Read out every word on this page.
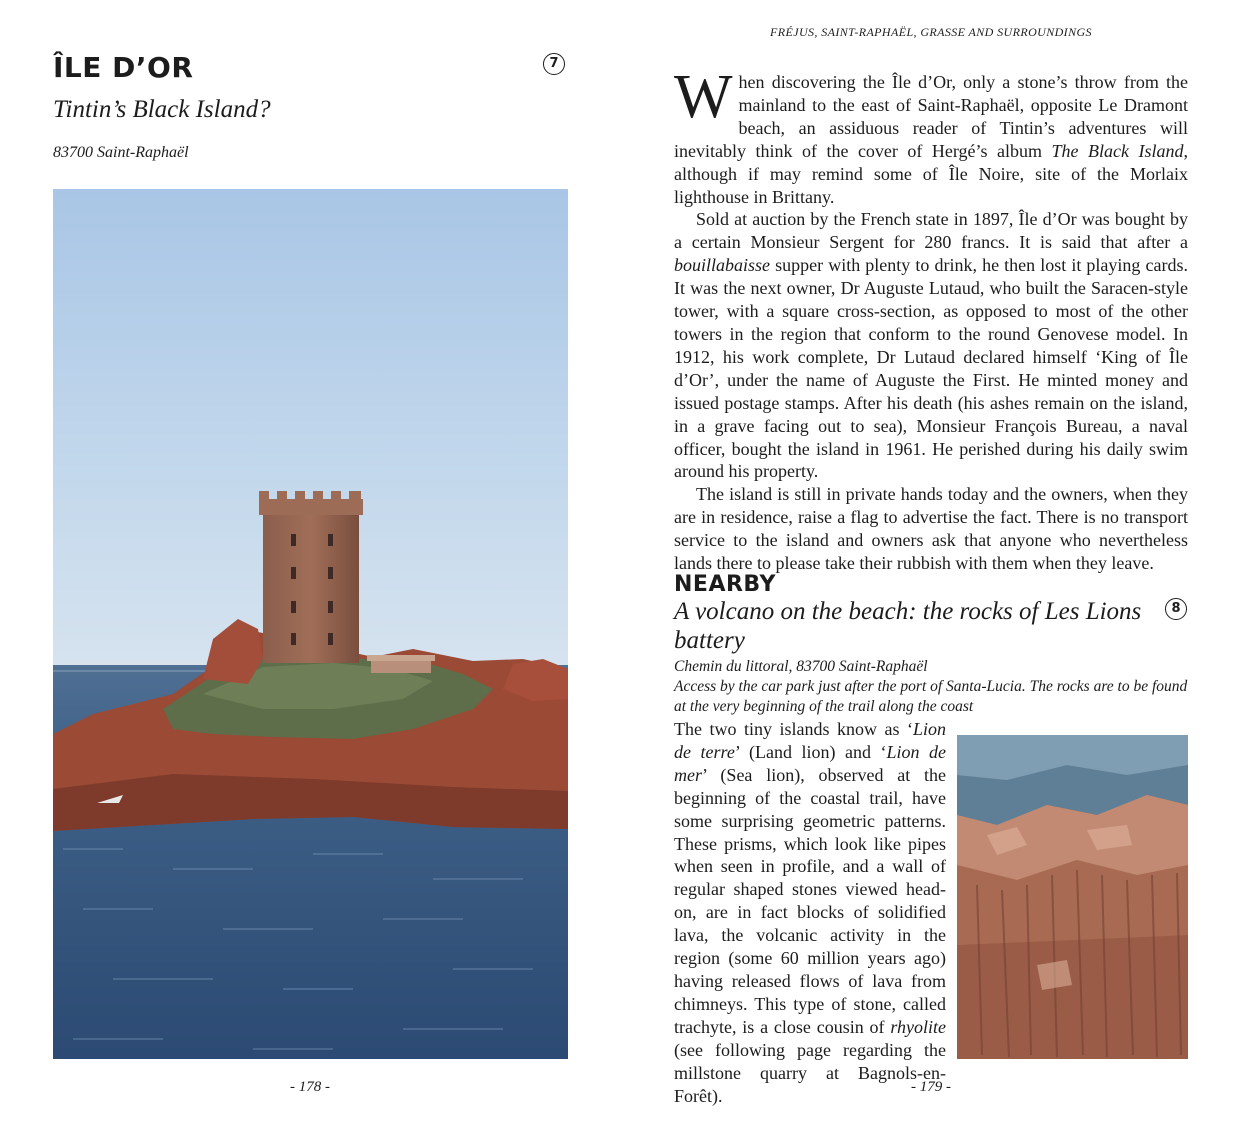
ÎLE D’OR	7
Tintin’s Black Island?
83700 Saint-Raphaël
- 178 -
FRÉJUS, SAINT-RAPHAËL, GRASSE AND SURROUNDINGS

When discovering the Île d’Or, only a stone’s throw from the mainland to the east of Saint-Raphaël, opposite Le Dramont beach, an assiduous reader of Tintin’s adventures will inevitably think of the cover of Hergé’s album The Black Island, although if may remind some of Île Noire, site of the Morlaix lighthouse in Brittany.

Sold at auction by the French state in 1897, Île d’Or was bought by a certain Monsieur Sergent for 280 francs. It is said that after a bouillabaisse supper with plenty to drink, he then lost it playing cards. It was the next owner, Dr Auguste Lutaud, who built the Saracen-style tower, with a square cross-section, as opposed to most of the other towers in the region that conform to the round Genovese model. In 1912, his work complete, Dr Lutaud declared himself ‘King of Île d’Or’, under the name of Auguste the First. He minted money and issued postage stamps. After his death (his ashes remain on the island, in a grave facing out to sea), Monsieur François Bureau, a naval officer, bought the island in 1961. He perished during his daily swim around his property.

The island is still in private hands today and the owners, when they are in residence, raise a flag to advertise the fact. There is no transport service to the island and owners ask that anyone who nevertheless lands there to please take their rubbish with them when they leave.

NEARBY
A volcano on the beach: the rocks of Les Lions battery
8
Chemin du littoral, 83700 Saint-Raphaël
Access by the car park just after the port of Santa-Lucia. The rocks are to be found at the very beginning of the trail along the coast

The two tiny islands know as ‘Lion de terre’ (Land lion) and ‘Lion de mer’ (Sea lion), observed at the beginning of the coastal trail, have some surprising geometric patterns. These prisms, which look like pipes when seen in profile, and a wall of regular shaped stones viewed head-on, are in fact blocks of solidified lava, the volcanic activity in the region (some 60 million years ago) having released flows of lava from chimneys. This type of stone, called trachyte, is a close cousin of rhyolite (see following page regarding the millstone quarry at Bagnols-en-Forêt).	- 179 -
